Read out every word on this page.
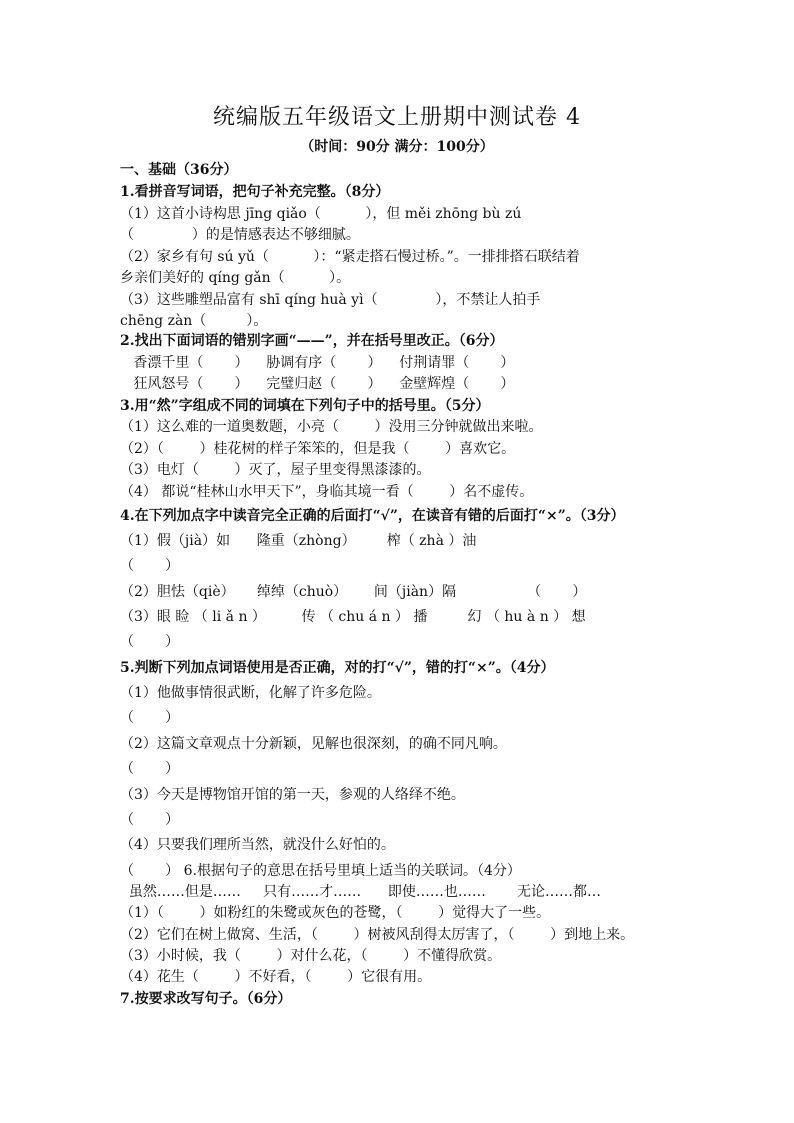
统编版五年级语文上册期中测试卷 4
（时间：90分 满分：100分）
一、基础（36分）
1.看拼音写词语，把句子补充完整。（8分）
（1）这首小诗构思 jīng qiǎo（          ），但 měi zhōng bù zú
（             ）的是情感表达不够细腻。
（2）家乡有句 sú yǔ（          ）：“紧走搭石慢过桥。”。一排排搭石联结着
乡亲们美好的 qíng gǎn（          ）。
（3）这些雕塑品富有 shī qíng huà yì（             ），不禁让人拍手
chēng zàn（         ）。
2.找出下面词语的错别字画“——”，并在括号里改正。（6分）
香漂千里（       ）    胁调有序（       ）    付荆请罪（       ）
狂风怒号（       ）    完璧归赵（       ）    金壁辉煌（       ）
3.用“然”字组成不同的词填在下列句子中的括号里。（5分）
（1）这么难的一道奥数题，小亮（        ）没用三分钟就做出来啦。
（2）（        ）桂花树的样子笨笨的，但是我（        ）喜欢它。
（3）电灯（        ）灭了，屋子里变得黑漆漆的。
（4） 都说“桂林山水甲天下”，身临其境一看（        ）名不虚传。
4.在下列加点字中读音完全正确的后面打“√”，在读音有错的后面打“×”。（3分）
（1）假（jià）如      隆重（zhòng）       榨（ zhà ）油
（       ）
（2）胆怯（qiè）     绰绰（chuò）      间（jiàn）隔                （       ）
（3）眼 睑 （ li ǎ n ）        传 （ chu á n ） 播         幻 （ hu à n ） 想
（       ）
5.判断下列加点词语使用是否正确，对的打“√”，错的打“×”。（4分）
（1）他做事情很武断，化解了许多危险。
（       ）
（2）这篇文章观点十分新颖，见解也很深刻，的确不同凡响。
（       ）
（3）今天是博物馆开馆的第一天，参观的人络绎不绝。
（       ）
（4）只要我们理所当然，就没什么好怕的。
（       ） 6.根据句子的意思在括号里填上适当的关联词。（4分）
虽然……但是……     只有……才……      即使……也……       无论……都…
（1）（        ）如粉红的朱鹭或灰色的苍鹭，（        ）觉得大了一些。
（2）它们在树上做窝、生活，（        ）树被风刮得太厉害了，（        ）到地上来。
（3）小时候，我（        ）对什么花，（        ）不懂得欣赏。
（4）花生（        ）不好看，（        ）它很有用。
7.按要求改写句子。（6分）
